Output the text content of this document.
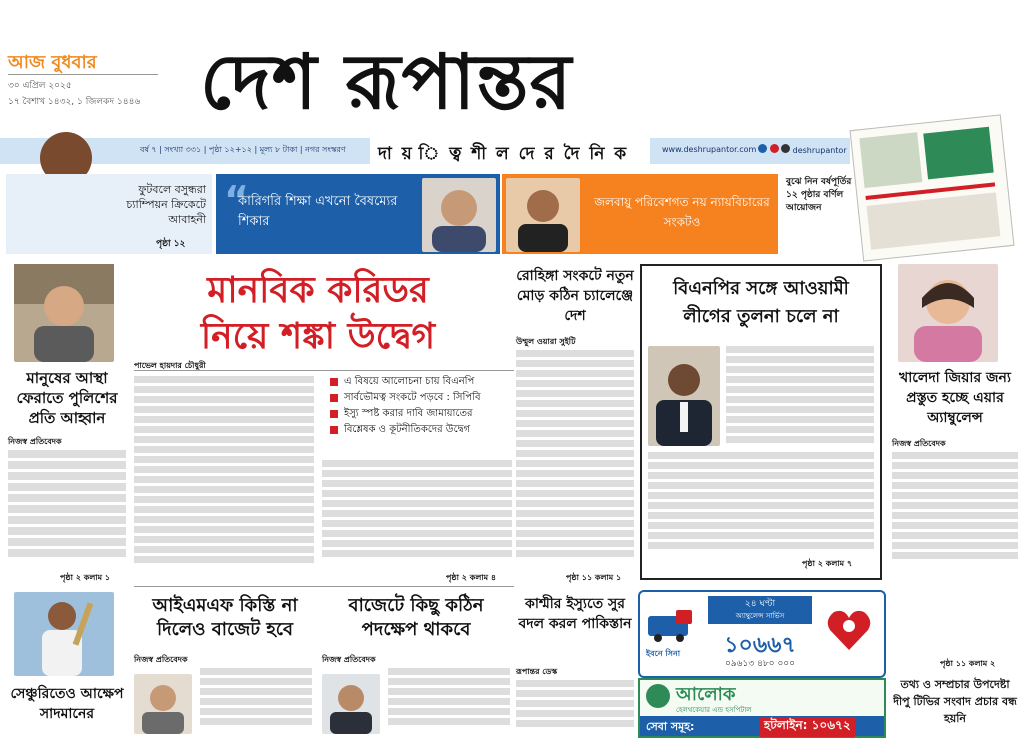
আজ বুধবার
৩০ এপ্রিল ২০২৫
১৭ বৈশাখ ১৪৩২, ১ জিলকদ ১৪৪৬ দেশ রূপান্তর
বর্ষ ৭ | সংখ্যা ৩৩১ | পৃষ্ঠা ১২+১২ | মূল্য ৮ টাকা | নগর সংস্করণ দা য় ি ত্ব শী ল দে র দৈ নি ক	www.deshrupantor.com	deshrupantor
ফুটবলে বসুন্ধরা চ্যাম্পিয়ন ক্রিকেটে আবাহনী
পৃষ্ঠা ১২
“
কারিগরি শিক্ষা এখনো বৈষম্যের শিকার
জলবায়ু পরিবেশগত নয় ন্যায়বিচারের সংকটও
বুঝে নিন বর্ষপূর্তির ১২ পৃষ্ঠার বর্ণিল আয়োজন
মানুষের আস্থা ফেরাতে পুলিশের প্রতি আহ্বান
নিজস্ব প্রতিবেদক
পৃষ্ঠা ২ কলাম ১
সেঞ্চুরিতেও আক্ষেপ সাদমানের
মানবিক করিডর
নিয়ে শঙ্কা উদ্বেগ
পাভেল হায়দার চৌধুরী
এ বিষয়ে আলোচনা চায় বিএনপি
সার্বভৌমত্ব সংকটে পড়বে : সিপিবি
ইস্যু স্পষ্ট করার দাবি জামায়াতের
বিশ্লেষক ও কূটনীতিকদের উদ্বেগ
পৃষ্ঠা ২ কলাম ৪
আইএমএফ কিস্তি না
দিলেও বাজেট হবে
নিজস্ব প্রতিবেদক
বাজেটে কিছু কঠিন
পদক্ষেপ থাকবে
নিজস্ব প্রতিবেদক
রোহিঙ্গা সংকটে নতুন মোড় কঠিন চ্যালেঞ্জে দেশ
উম্মুল ওয়ারা সুইটি
পৃষ্ঠা ১১ কলাম ১
কাশ্মীর ইস্যুতে সুর বদল করল পাকিস্তান
রূপান্তর ডেস্ক
বিএনপির সঙ্গে আওয়ামী
লীগের তুলনা চলে না
পৃষ্ঠা ২ কলাম ৭
খালেদা জিয়ার জন্য প্রস্তুত হচ্ছে এয়ার অ্যাম্বুলেন্স
নিজস্ব প্রতিবেদক
পৃষ্ঠা ১১ কলাম ২
তথ্য ও সম্প্রচার উপদেষ্টা দীপু টিভির সংবাদ প্রচার বন্ধ হয়নি
ইবনে সিনা
২৪ ঘণ্টা
অ্যাম্বুলেন্স সার্ভিস
১০৬৬৭
০৯৬১৩ ৪৮০ ০০০
আলোক
হেলথকেয়ার এন্ড হসপিটাল
সেবা সমূহ:	হটলাইন: ১০৬৭২
